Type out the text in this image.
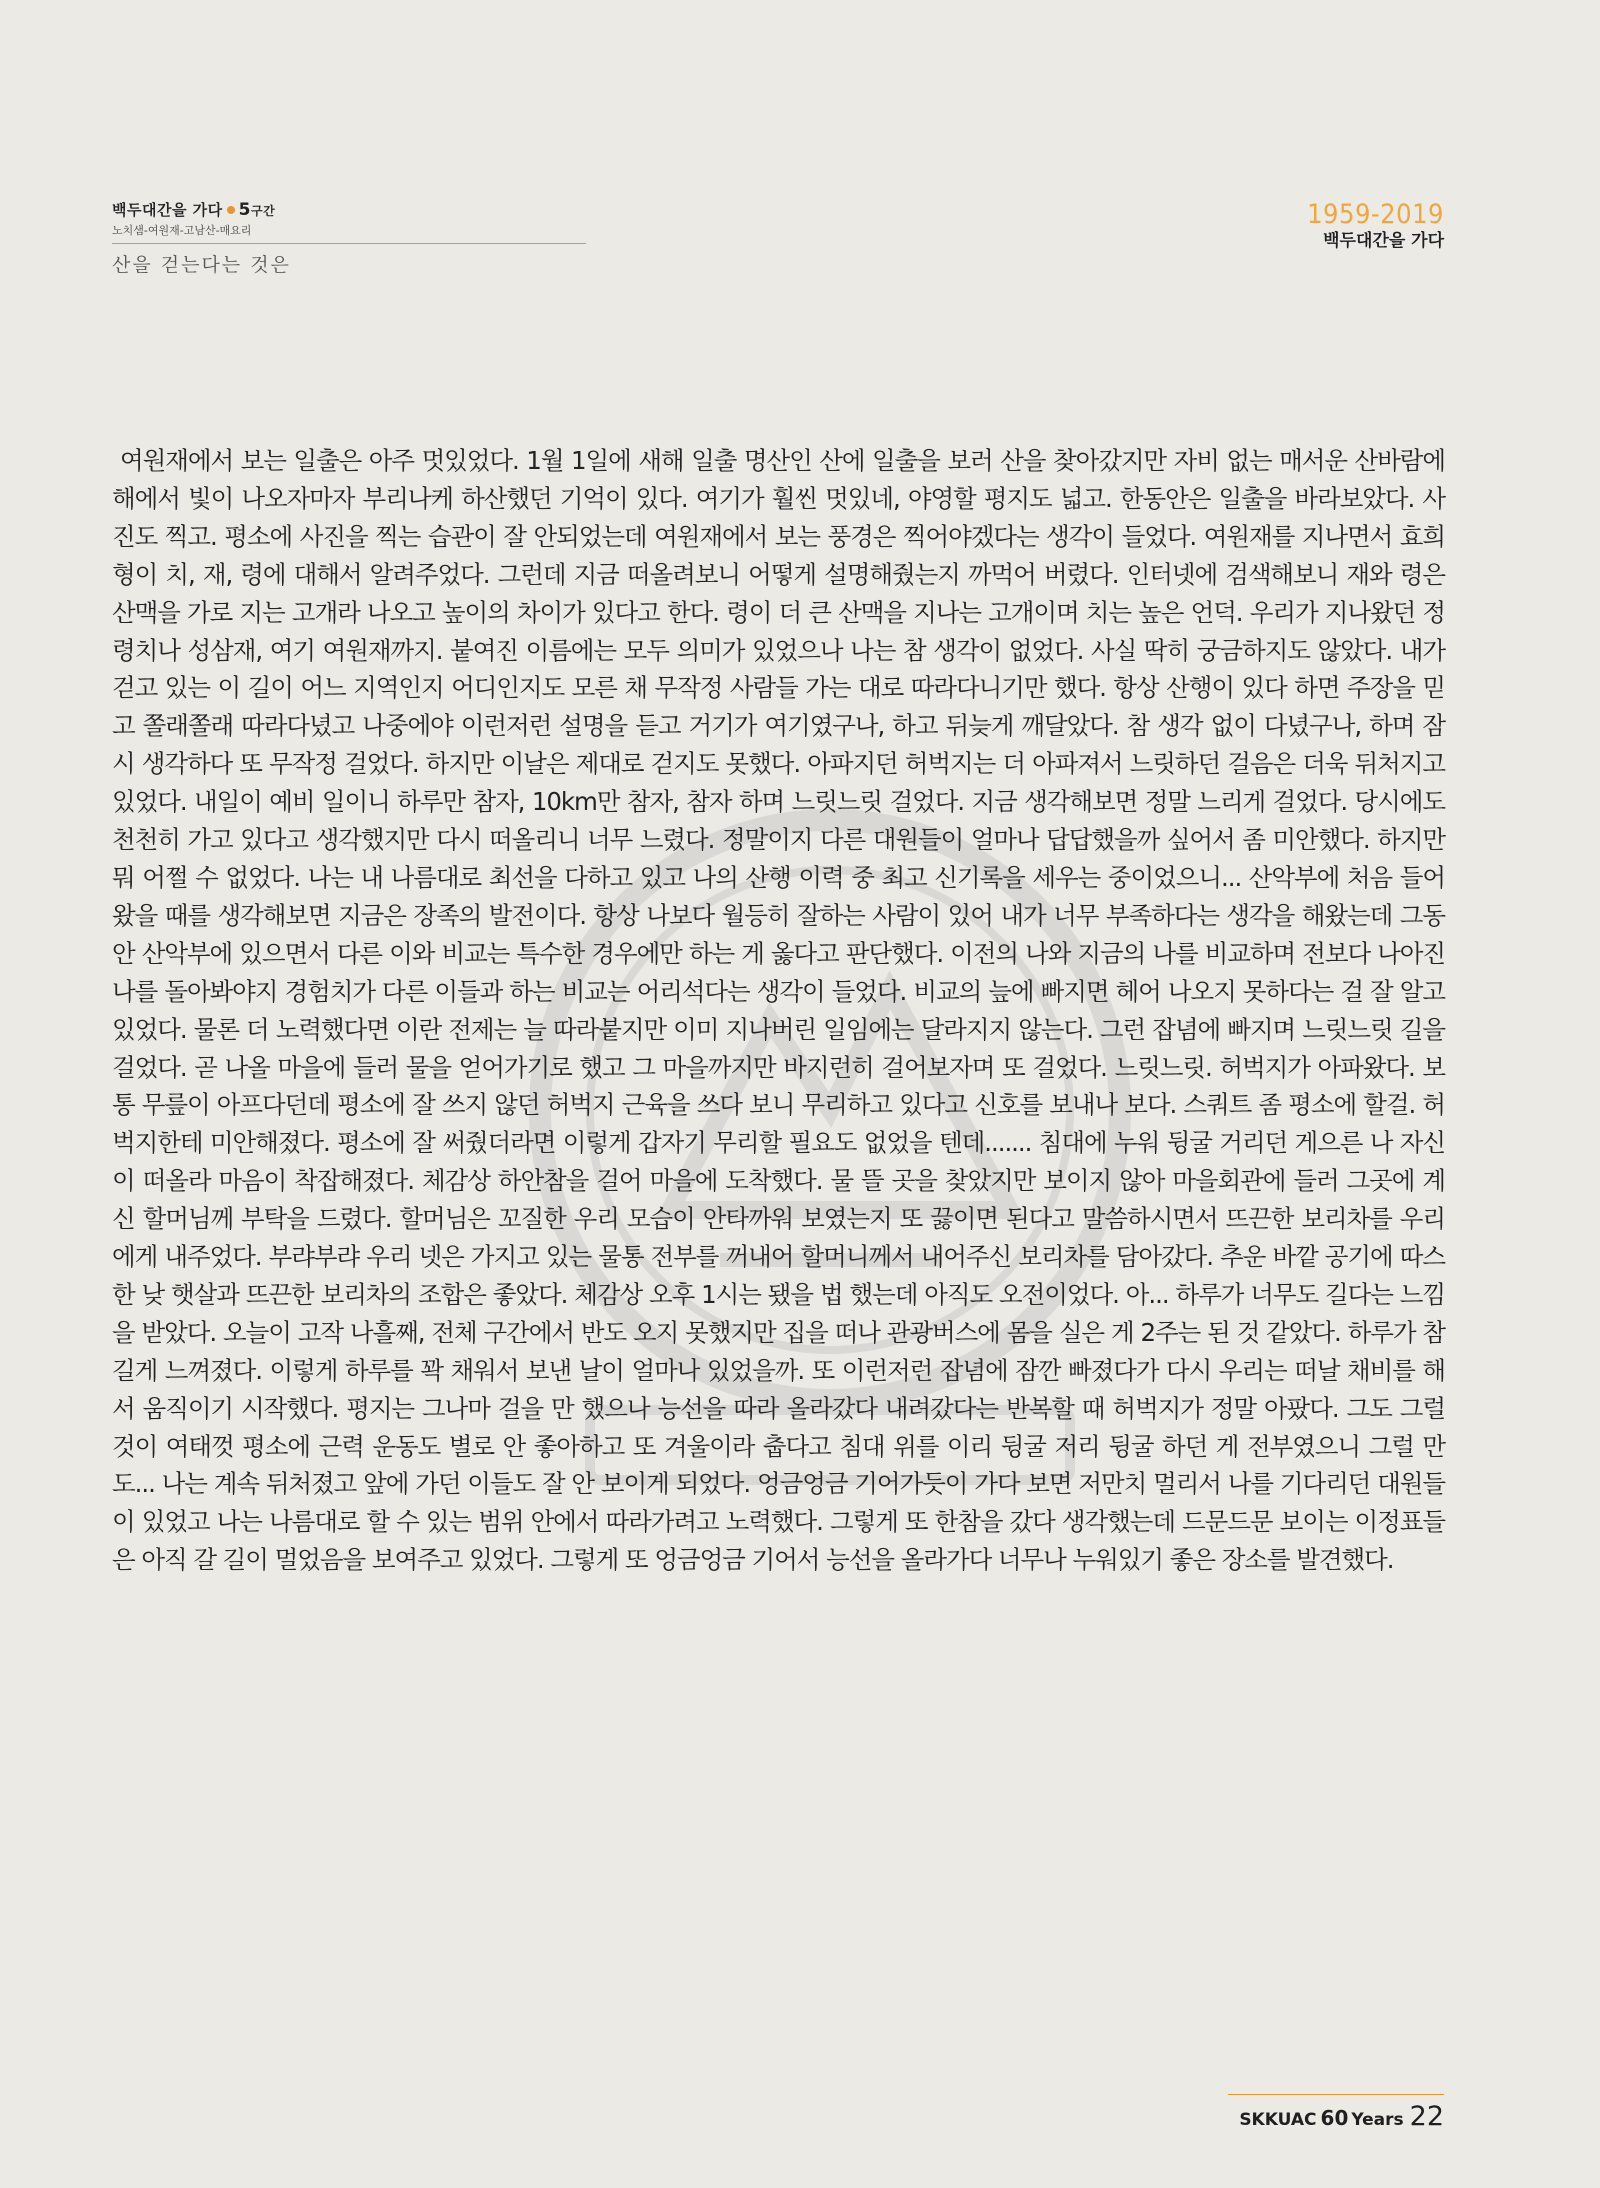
백두대간을 가다 5구간
노치샘-여원재-고남산-매요리
산을 걷는다는 것은
1959-2019
백두대간을 가다
여원재에서 보는 일출은 아주 멋있었다. 1월 1일에 새해 일출 명산인 산에 일출을 보러 산을 찾아갔지만 자비 없는 매서운 산바람에 해에서 빛이 나오자마자 부리나케 하산했던 기억이 있다. 여기가 훨씬 멋있네, 야영할 평지도 넓고. 한동안은 일출을 바라보았다. 사진도 찍고. 평소에 사진을 찍는 습관이 잘 안되었는데 여원재에서 보는 풍경은 찍어야겠다는 생각이 들었다. 여원재를 지나면서 효희형이 치, 재, 령에 대해서 알려주었다. 그런데 지금 떠올려보니 어떻게 설명해줬는지 까먹어 버렸다. 인터넷에 검색해보니 재와 령은 산맥을 가로 지는 고개라 나오고 높이의 차이가 있다고 한다. 령이 더 큰 산맥을 지나는 고개이며 치는 높은 언덕. 우리가 지나왔던 정령치나 성삼재, 여기 여원재까지. 붙여진 이름에는 모두 의미가 있었으나 나는 참 생각이 없었다. 사실 딱히 궁금하지도 않았다. 내가 걷고 있는 이 길이 어느 지역인지 어디인지도 모른 채 무작정 사람들 가는 대로 따라다니기만 했다. 항상 산행이 있다 하면 주장을 믿고 쫄래쫄래 따라다녔고 나중에야 이런저런 설명을 듣고 거기가 여기였구나, 하고 뒤늦게 깨달았다. 참 생각 없이 다녔구나, 하며 잠시 생각하다 또 무작정 걸었다. 하지만 이날은 제대로 걷지도 못했다. 아파지던 허벅지는 더 아파져서 느릿하던 걸음은 더욱 뒤처지고 있었다. 내일이 예비 일이니 하루만 참자, 10km만 참자, 참자 하며 느릿느릿 걸었다. 지금 생각해보면 정말 느리게 걸었다. 당시에도 천천히 가고 있다고 생각했지만 다시 떠올리니 너무 느렸다. 정말이지 다른 대원들이 얼마나 답답했을까 싶어서 좀 미안했다. 하지만 뭐 어쩔 수 없었다. 나는 내 나름대로 최선을 다하고 있고 나의 산행 이력 중 최고 신기록을 세우는 중이었으니... 산악부에 처음 들어왔을 때를 생각해보면 지금은 장족의 발전이다. 항상 나보다 월등히 잘하는 사람이 있어 내가 너무 부족하다는 생각을 해왔는데 그동안 산악부에 있으면서 다른 이와 비교는 특수한 경우에만 하는 게 옳다고 판단했다. 이전의 나와 지금의 나를 비교하며 전보다 나아진 나를 돌아봐야지 경험치가 다른 이들과 하는 비교는 어리석다는 생각이 들었다. 비교의 늪에 빠지면 헤어 나오지 못하다는 걸 잘 알고 있었다. 물론 더 노력했다면 이란 전제는 늘 따라붙지만 이미 지나버린 일임에는 달라지지 않는다. 그런 잡념에 빠지며 느릿느릿 길을 걸었다. 곧 나올 마을에 들러 물을 얻어가기로 했고 그 마을까지만 바지런히 걸어보자며 또 걸었다. 느릿느릿. 허벅지가 아파왔다. 보통 무릎이 아프다던데 평소에 잘 쓰지 않던 허벅지 근육을 쓰다 보니 무리하고 있다고 신호를 보내나 보다. 스쿼트 좀 평소에 할걸. 허벅지한테 미안해졌다. 평소에 잘 써줬더라면 이렇게 갑자기 무리할 필요도 없었을 텐데....... 침대에 누워 뒹굴 거리던 게으른 나 자신이 떠올라 마음이 착잡해졌다. 체감상 하안참을 걸어 마을에 도착했다. 물 뜰 곳을 찾았지만 보이지 않아 마을회관에 들러 그곳에 계신 할머님께 부탁을 드렸다. 할머님은 꼬질한 우리 모습이 안타까워 보였는지 또 끓이면 된다고 말씀하시면서 뜨끈한 보리차를 우리에게 내주었다. 부랴부랴 우리 넷은 가지고 있는 물통 전부를 꺼내어 할머니께서 내어주신 보리차를 담아갔다. 추운 바깥 공기에 따스한 낮 햇살과 뜨끈한 보리차의 조합은 좋았다. 체감상 오후 1시는 됐을 법 했는데 아직도 오전이었다. 아... 하루가 너무도 길다는 느낌을 받았다. 오늘이 고작 나흘째, 전체 구간에서 반도 오지 못했지만 집을 떠나 관광버스에 몸을 실은 게 2주는 된 것 같았다. 하루가 참 길게 느껴졌다. 이렇게 하루를 꽉 채워서 보낸 날이 얼마나 있었을까. 또 이런저런 잡념에 잠깐 빠졌다가 다시 우리는 떠날 채비를 해서 움직이기 시작했다. 평지는 그나마 걸을 만 했으나 능선을 따라 올라갔다 내려갔다는 반복할 때 허벅지가 정말 아팠다. 그도 그럴 것이 여태껏 평소에 근력 운동도 별로 안 좋아하고 또 겨울이라 춥다고 침대 위를 이리 뒹굴 저리 뒹굴 하던 게 전부였으니 그럴 만도... 나는 계속 뒤처졌고 앞에 가던 이들도 잘 안 보이게 되었다. 엉금엉금 기어가듯이 가다 보면 저만치 멀리서 나를 기다리던 대원들이 있었고 나는 나름대로 할 수 있는 범위 안에서 따라가려고 노력했다. 그렇게 또 한참을 갔다 생각했는데 드문드문 보이는 이정표들은 아직 갈 길이 멀었음을 보여주고 있었다. 그렇게 또 엉금엉금 기어서 능선을 올라가다 너무나 누워있기 좋은 장소를 발견했다.
SKKUAC 60 Years 22
